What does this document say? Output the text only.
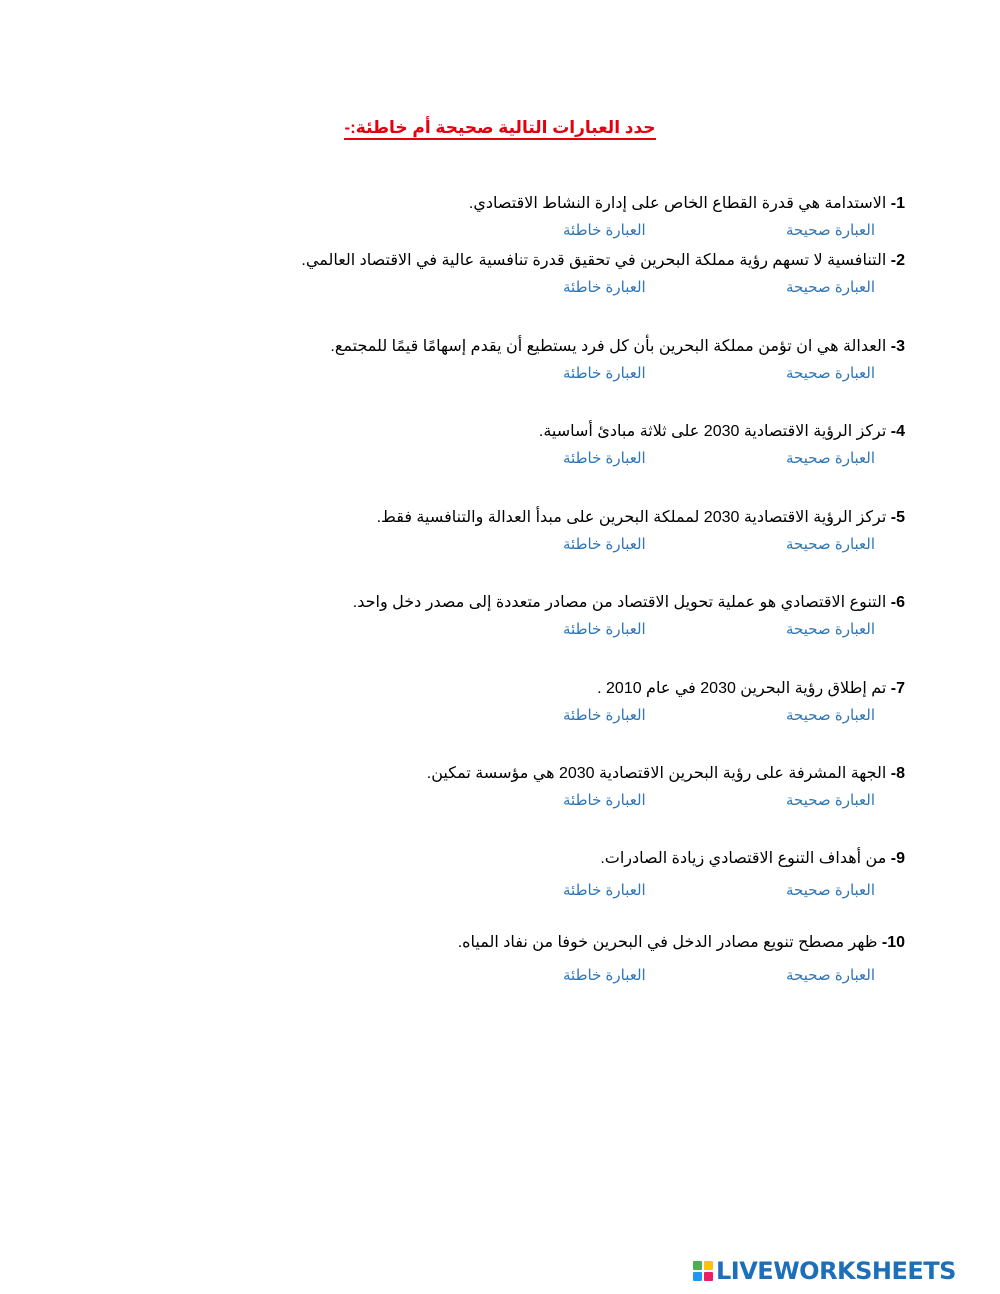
حدد العبارات التالية صحيحة أم خاطئة:-
1- الاستدامة هي قدرة القطاع الخاص على إدارة النشاط الاقتصادي.
العبارة صحيحة
العبارة خاطئة
2- التنافسية لا تسهم رؤية مملكة البحرين في تحقيق قدرة تنافسية عالية في الاقتصاد العالمي.
العبارة صحيحة
العبارة خاطئة
3- العدالة هي ان تؤمن مملكة البحرين بأن كل فرد يستطيع أن يقدم إسهامًا قيمًا للمجتمع.
العبارة صحيحة
العبارة خاطئة
4- تركز الرؤية الاقتصادية 2030 على ثلاثة مبادئ أساسية.
العبارة صحيحة
العبارة خاطئة
5- تركز الرؤية الاقتصادية 2030 لمملكة البحرين على مبدأ العدالة والتنافسية فقط.
العبارة صحيحة
العبارة خاطئة
6- التنوع الاقتصادي هو عملية تحويل الاقتصاد من مصادر متعددة إلى مصدر دخل واحد.
العبارة صحيحة
العبارة خاطئة
7- تم إطلاق رؤية البحرين 2030 في عام 2010 .
العبارة صحيحة
العبارة خاطئة
8- الجهة المشرفة على رؤية البحرين الاقتصادية 2030 هي مؤسسة تمكين.
العبارة صحيحة
العبارة خاطئة
9- من أهداف التنوع الاقتصادي زيادة الصادرات.
العبارة صحيحة
العبارة خاطئة
10- ظهر مصطح تنويع مصادر الدخل في البحرين خوفا من نفاد المياه.
العبارة صحيحة
العبارة خاطئة
LIVEWORKSHEETS
